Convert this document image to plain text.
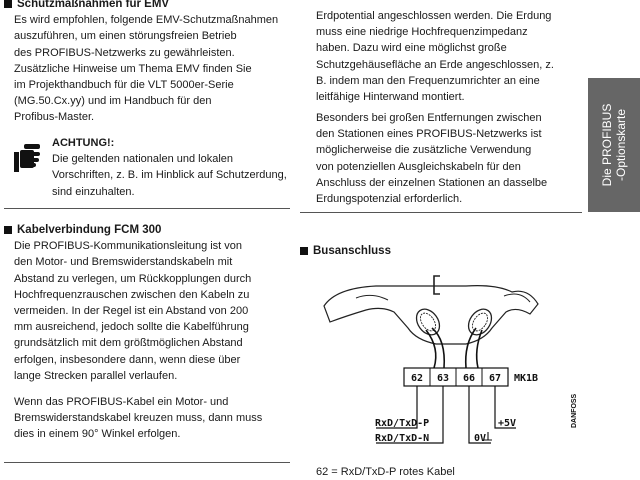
Schutzmaßnahmen für EMV

Es wird empfohlen, folgende EMV-Schutzmaßnahmen

auszuführen, um einen störungsfreien Betrieb

des PROFIBUS-Netzwerks zu gewährleisten.

Zusätzliche Hinweise um Thema EMV finden Sie

im Projekthandbuch für die VLT 5000er-Serie

(MG.50.Cx.yy) und im Handbuch für den

Profibus-Master.

ACHTUNG!:

Die geltenden nationalen und lokalen

Vorschriften, z. B. im Hinblick auf Schutzerdung,

sind einzuhalten.

Kabelverbindung FCM 300

Die PROFIBUS-Kommunikationsleitung ist von

den Motor- und Bremswiderstandskabeln mit

Abstand zu verlegen, um Rückkopplungen durch

Hochfrequenzrauschen zwischen den Kabeln zu

vermeiden. In der Regel ist ein Abstand von 200

mm ausreichend, jedoch sollte die Kabelführung

grundsätzlich mit dem größtmöglichen Abstand

erfolgen, insbesondere dann, wenn diese über

lange Strecken parallel verlaufen.

Wenn das PROFIBUS-Kabel ein Motor- und

Bremswiderstandskabel kreuzen muss, dann muss

dies in einem 90° Winkel erfolgen.

Erdpotential angeschlossen werden. Die Erdung

muss eine niedrige Hochfrequenzimpedanz

haben. Dazu wird eine möglichst große

Schutzgehäusefläche an Erde angeschlossen, z.

B. indem man den Frequenzumrichter an eine

leitfähige Hinterwand montiert.

Besonders bei großen Entfernungen zwischen

den Stationen eines PROFIBUS-Netzwerks ist

möglicherweise die zusätzliche Verwendung

von potenziellen Ausgleichskabeln für den

Anschluss der einzelnen Stationen an dasselbe

Erdungspotenzial erforderlich.

Busanschluss
Die PROFIBUS -Optionskarte
62 63 66 67 MK1B
RxD/TxD-P
RxD/TxD-N
+5V
0V
DANFOSS

62 = RxD/TxD-P rotes Kabel
